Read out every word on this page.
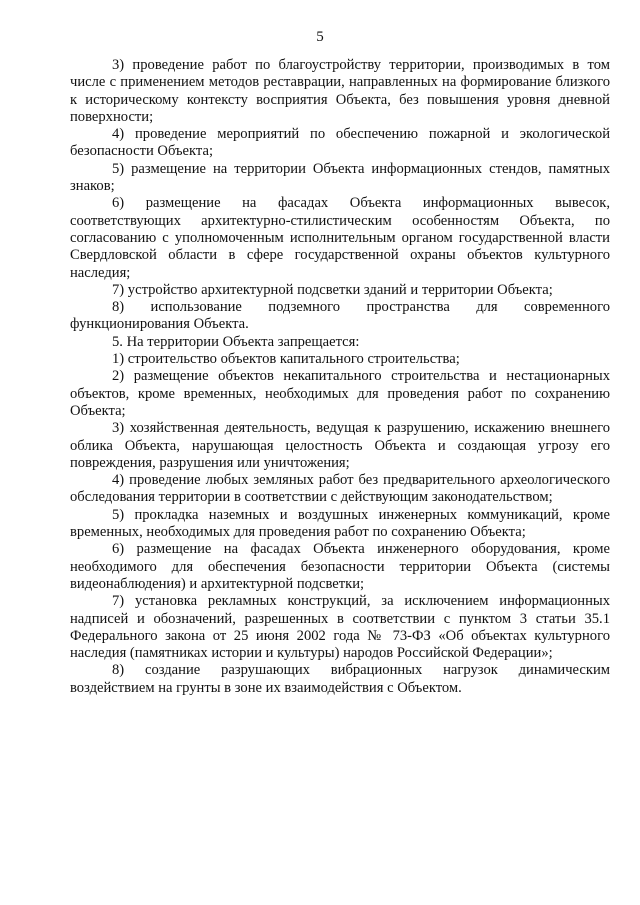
5

3) проведение работ по благоустройству территории, производимых в том числе с применением методов реставрации, направленных на формирование близкого к историческому контексту восприятия Объекта, без повышения уровня дневной поверхности;

4) проведение мероприятий по обеспечению пожарной и экологической безопасности Объекта;

5) размещение на территории Объекта информационных стендов, памятных знаков;

6) размещение на фасадах Объекта информационных вывесок, соответствующих архитектурно-стилистическим особенностям Объекта, по согласованию с уполномоченным исполнительным органом государственной власти Свердловской области в сфере государственной охраны объектов культурного наследия;

7) устройство архитектурной подсветки зданий и территории Объекта;

8) использование подземного пространства для современного функционирования Объекта.

5. На территории Объекта запрещается:

1) строительство объектов капитального строительства;

2) размещение объектов некапитального строительства и нестационарных объектов, кроме временных, необходимых для проведения работ по сохранению Объекта;

3) хозяйственная деятельность, ведущая к разрушению, искажению внешнего облика Объекта, нарушающая целостность Объекта и создающая угрозу его повреждения, разрушения или уничтожения;

4) проведение любых земляных работ без предварительного археологического обследования территории в соответствии с действующим законодательством;

5) прокладка наземных и воздушных инженерных коммуникаций, кроме временных, необходимых для проведения работ по сохранению Объекта;

6) размещение на фасадах Объекта инженерного оборудования, кроме необходимого для обеспечения безопасности территории Объекта (системы видеонаблюдения) и архитектурной подсветки;

7) установка рекламных конструкций, за исключением информационных надписей и обозначений, разрешенных в соответствии с пунктом 3 статьи 35.1 Федерального закона от 25 июня 2002 года № 73-ФЗ «Об объектах культурного наследия (памятниках истории и культуры) народов Российской Федерации»;

8) создание разрушающих вибрационных нагрузок динамическим воздействием на грунты в зоне их взаимодействия с Объектом.
